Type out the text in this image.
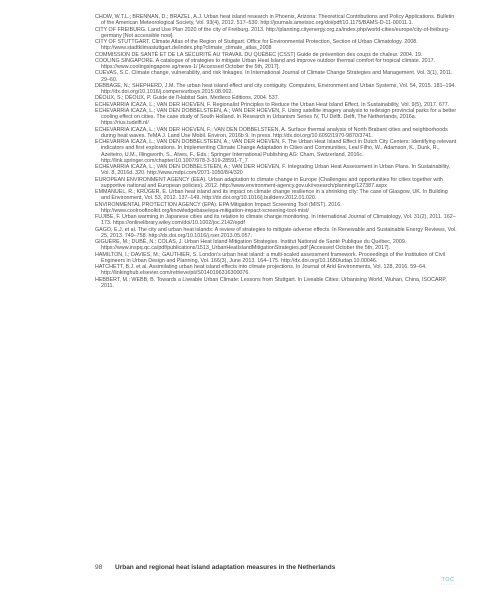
CHOW, W.T.L.; BRENNAN, D.; BRAZEL, A.J. Urban heat island research in Phoenix, Arizona: Theoretical Contributions and Policy Applications. Bulletin of the American Meteorological Society, Vol. 93(4), 2012. 517–530. http://journals.ametsoc.org/doi/pdf/10.1175/BAMS-D-11-00011.1.

CITY OF FREIBURG. Land Use Plan 2020 of the city of Freiburg. 2013. http://planning.cityenergy.org.za/index.php/world-cities/europe/city-of-freiburg-germany [Not accessible now].

CITY OF STUTTGART. Climate Atlas of the Region of Stuttgart. Office for Environmental Protection, Section of Urban Climatology. 2008. http://www.stadtklimastuttgart.de/index.php?climate_climate_atlas_2008

COMMISSION DE SANTÉ ET DE LA SÉCURITÉ AU TRAVAIL DU QUÉBEC (CSST) Guide de prévention des coups de chaleur. 2004. 19.

COOLING SINGAPORE. A catalogue of strategies to mitigate Urban Heat Island and improve outdoor thermal comfort for tropical climate. 2017. https://www.coolingsingapore.sg/news-1/ [Accessed October the 5th, 2017].

CUEVAS, S.C. Climate change, vulnerability, and risk linkages. In International Journal of Climate Change Strategies and Management. Vol. 3(1), 2011. 29–60.

DEBBAGE, N.; SHEPHERD, J.M. The urban heat island effect and city contiguity. Computers, Environment and Urban Systems, Vol. 54, 2015. 181–194. http://dx.doi.org/10.1016/j.compenvurbsys.2015.08.002.

DÉOUX, S.; DÉOUX, P. Guide de l'Habitat Sain. Medieco Editions, 2004. 537.

ECHEVARRIA ICAZA, L.; VAN DER HOEVEN, F. Regionalist Principles to Reduce the Urban Heat Island Effect. In Sustainability, Vol. 9(5), 2017. 677.

ECHEVARRIA ICAZA, L.; VAN DEN DOBBELSTEEN, A.; VAN DER HOEVEN, F. Using satellite imagery analysis to redesign provincial parks for a better cooling effect on cities. The case study of South Holland. In Research in Urbanism Series IV, TU Delft. Delft, The Netherlands, 2016a. https://rius.tudelft.nl/

ECHEVARRIA ICAZA, L.; VAN DER HOEVEN, F.; VAN DEN DOBBELSTEEN, A. Surface thermal analysis of North Brabant cities and neighborhoods during heat waves. TeMA J. Land Use Mobil. Environ, 2016b 9. In press. http://dx.doi.org/10.6092/1970-9870/3741.

ECHEVARRIA ICAZA, L.; VAN DEN DOBBELSTEEN, A.; VAN DER HOEVEN, F. The Urban Heat Island Effect in Dutch City Centers: Identifying relevant indicators and first explorations. In Implementing Climate Change Adaptation in Cities and Communities, Leal Filho, W., Adamson, K., Dunk, R., Azeiteiro, U.M., Illingworth, S., Alves, F., Eds.; Springer International Publishing AG: Cham, Switzerland, 2016c. http://link.springer.com/chapter/10.1007/978-3-319-28591-7_7

ECHEVARRIA ICAZA, L.; VAN DEN DOBBELSTEEN, A.; VAN DER HOEVEN, F. Integrating Urban Heat Assessment in Urban Plans. In Sustainability, Vol. 8, 2016d. 320. http://www.mdpi.com/2071-1050/8/4/320

EUROPEAN ENVIRONMENT AGENCY (EEA). Urban adaptation to climate change in Europe (Challenges and opportunities for cities together with supportive national and European policies). 2012. http://www.environment-agency.gov.uk/research/planning/127387.aspx

EMMANUEL, R.; KRÜGER, E. Urban heat island and its impact on climate change resilience in a shrinking city: The case of Glasgow, UK. In Building and Environment, Vol. 53, 2012. 137–149. http://dx.doi.org/10.1016/j.buildenv.2012.01.020.

ENVIRONMENTAL PROTECTION AGENCY (EPA). EPA Mitigation Impact Screening Tool (MIST). 2016. http://www.coolrooftoolkit.org/knowledgebase/epa-mitigation-impact-screening-tool-mist/

FUJIBE, F. Urban warming in Japanese cities and its relation to climate change monitoring. In International Journal of Climatology, Vol. 31(2), 2011. 162–173. https://onlinelibrary.wiley.com/doi/10.1002/joc.2142/epdf

GAGO, E.J. et al. The city and urban heat islands: A review of strategies to mitigate adverse effects. In Renewable and Sustainable Energy Reviews, Vol. 25, 2013. 749–758. http://dx.doi.org/10.1016/j.rser.2013.05.057.

GIGUÈRE, M.; DUBÉ, N.; COLAS, J. Urban Heat Island Mitigation Strategies. Institut National de Santé Publique du Québec, 2009. https://www.inspq.qc.ca/pdf/publications/1513_UrbanHeatIslandMitigationStrategies.pdf [Accessed October the 5th, 2017].

HAMILTON, I.; DAVIES, M.; GAUTHIER, S. London's urban heat island: a multi-scaled assessment framework. Proceedings of the Institution of Civil Engineers in Urban Design and Planning, Vol. 166(3), June 2013. 164–175. http://dx.doi.org/10.1680/udap.10.00046.

HATCHETT, B.J. et al. Assimilating urban heat island effects into climate projections. In Journal of Arid Environments, Vol. 128, 2016. 59–64. http://linkinghub.elsevier.com/retrieve/pii/S0140196316300076.

HEBBERT, M.; WEBB, B. Towards a Liveable Urban Climate: Lessons from Stuttgart. In Liveable Cities: Urbanising World, Wuhan, China, ISOCARP, 2011.

98 Urban and regional heat island adaptation measures in the Netherlands
TOC
• • • • • •
